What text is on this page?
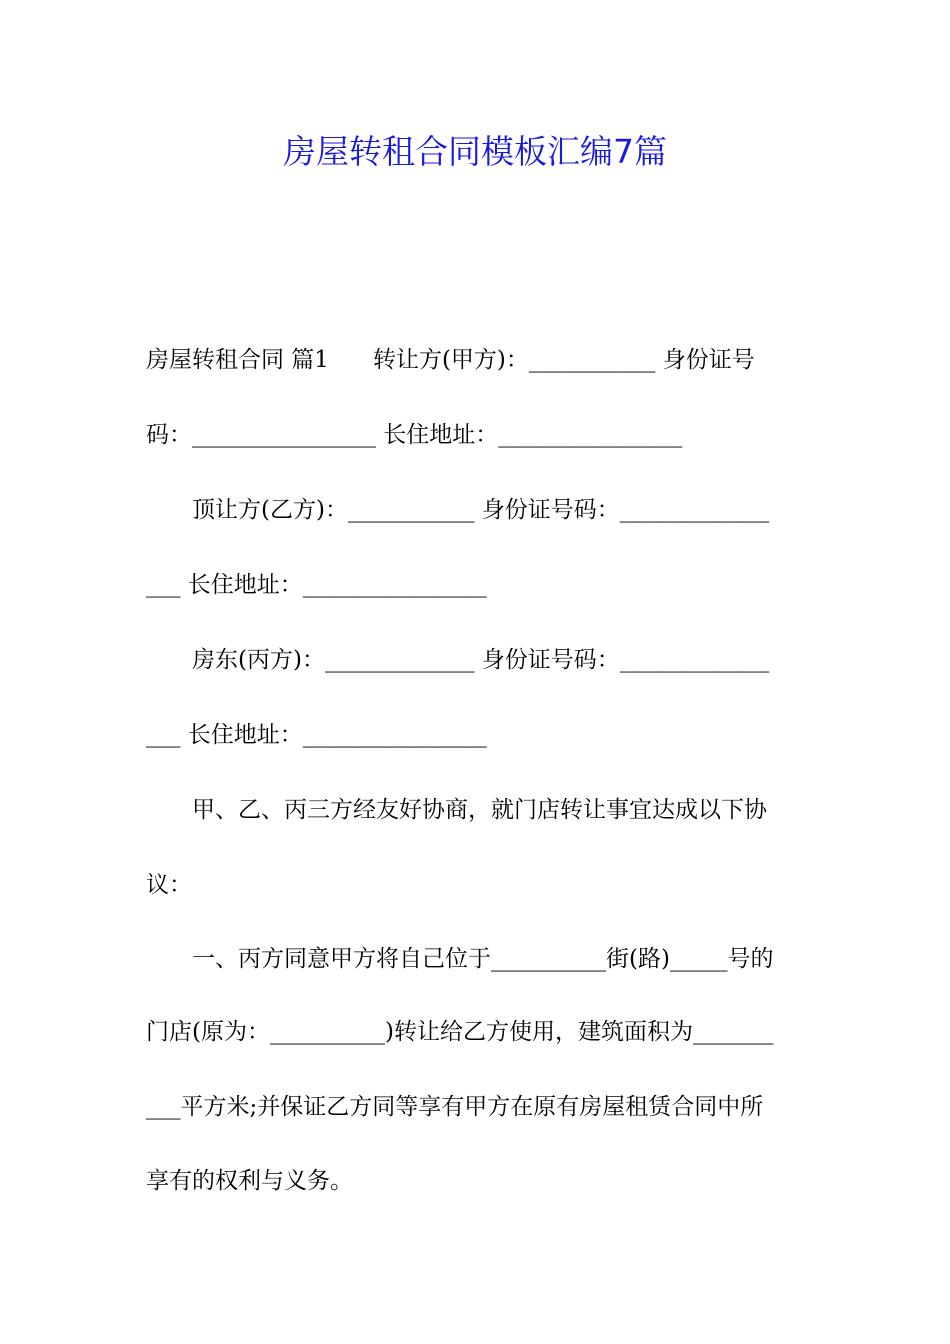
房屋转租合同模板汇编7篇
房屋转租合同 篇1 转让方(甲方)：___________ 身份证号
码：________________ 长住地址：________________
顶让方(乙方)：___________ 身份证号码：_____________
___ 长住地址：________________
房东(丙方)：_____________ 身份证号码：_____________
___ 长住地址：________________
甲、乙、丙三方经友好协商，就门店转让事宜达成以下协
议：
一、丙方同意甲方将自己位于__________街(路)_____号的
门店(原为：__________)转让给乙方使用，建筑面积为_______
___平方米;并保证乙方同等享有甲方在原有房屋租赁合同中所
享有的权利与义务。
